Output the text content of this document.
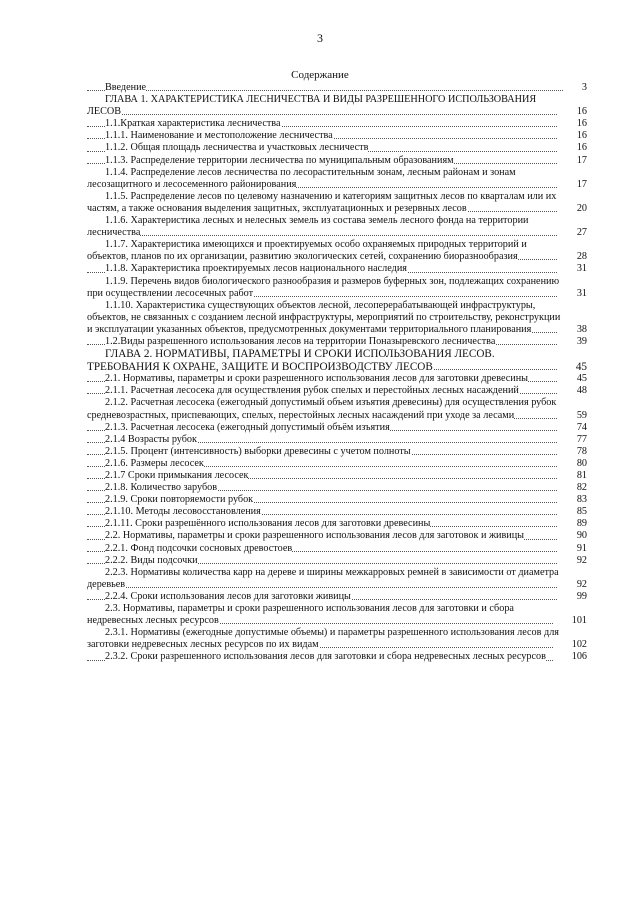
3
Содержание
Введение	3
ГЛАВА 1. ХАРАКТЕРИСТИКА ЛЕСНИЧЕСТВА И ВИДЫ РАЗРЕШЕННОГО ИСПОЛЬЗОВАНИЯ ЛЕСОВ	16
1.1.Краткая характеристика лесничества	16
1.1.1. Наименование и местоположение лесничества	16
1.1.2. Общая площадь лесничества и участковых лесничеств	16
1.1.3. Распределение территории лесничества по муниципальным образованиям	17
1.1.4. Распределение лесов лесничества по лесорастительным зонам, лесным районам и зонам лесозащитного и лесосеменного районирования	17
1.1.5. Распределение лесов по целевому назначению и категориям защитных лесов по кварталам или их частям, а также основания выделения защитных, эксплуатационных и резервных лесов	20
1.1.6. Характеристика лесных и нелесных земель из состава земель лесного фонда на территории лесничества	27
1.1.7. Характеристика имеющихся и проектируемых особо охраняемых природных территорий и объектов, планов по их организации, развитию экологических сетей, сохранению биоразнообразия	28
1.1.8. Характеристика проектируемых лесов национального наследия	31
1.1.9. Перечень видов биологического разнообразия и размеров буферных зон, подлежащих сохранению при осуществлении лесосечных работ	31
1.1.10. Характеристика существующих объектов лесной, лесоперерабатывающей инфраструктуры, объектов, не связанных с созданием лесной инфраструктуры, мероприятий по строительству, реконструкции и эксплуатации указанных объектов, предусмотренных документами территориального планирования	38
1.2.Виды разрешенного использования лесов на территории Поназыревского лесничества	39
ГЛАВА 2. НОРМАТИВЫ, ПАРАМЕТРЫ И СРОКИ ИСПОЛЬЗОВАНИЯ ЛЕСОВ. ТРЕБОВАНИЯ К ОХРАНЕ, ЗАЩИТЕ И ВОСПРОИЗВОДСТВУ ЛЕСОВ	45
2.1. Нормативы, параметры и сроки разрешенного использования лесов для заготовки древесины	45
2.1.1. Расчетная лесосека для осуществления рубок спелых и перестойных лесных насаждений	48
2.1.2. Расчетная лесосека (ежегодный допустимый объем изъятия древесины) для осуществления рубок средневозрастных, приспевающих, спелых, перестойных лесных насаждений при уходе за лесами	59
2.1.3. Расчетная лесосека (ежегодный допустимый объём изъятия	74
2.1.4 Возрасты рубок	77
2.1.5. Процент (интенсивность) выборки древесины с учетом полноты	78
2.1.6. Размеры лесосек	80
2.1.7 Сроки примыкания лесосек	81
2.1.8. Количество зарубов	82
2.1.9. Сроки повторяемости рубок	83
2.1.10. Методы лесовосстановления	85
2.1.11. Сроки разрешённого использования лесов для заготовки древесины	89
2.2. Нормативы, параметры и сроки разрешенного использования лесов для заготовок и живицы	90
2.2.1. Фонд подсочки сосновых древостоев	91
2.2.2. Виды подсочки	92
2.2.3. Нормативы количества карр на дереве и ширины межкарровых ремней в зависимости от диаметра деревьев	92
2.2.4. Сроки использования лесов для заготовки живицы	99
2.3. Нормативы, параметры и сроки разрешенного использования лесов для заготовки и сбора недревесных лесных ресурсов	101
2.3.1. Нормативы (ежегодные допустимые объемы) и параметры разрешенного использования лесов для заготовки недревесных лесных ресурсов по их видам	102
2.3.2. Сроки разрешенного использования лесов для заготовки и сбора недревесных лесных ресурсов	106
